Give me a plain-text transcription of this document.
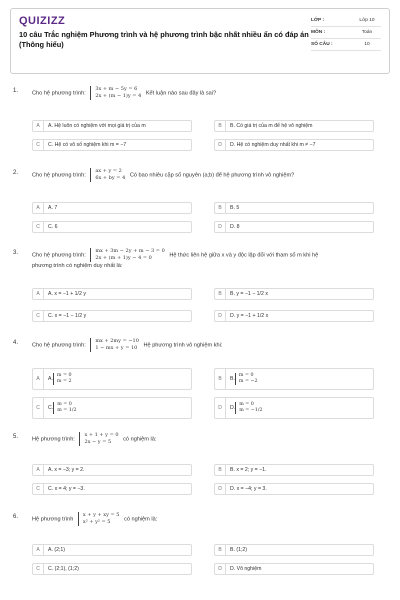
QUIZIZZ
10 câu Trắc nghiệm Phương trình và hệ phương trình bậc nhất nhiều ẩn có đáp án (Thông hiểu)
LỚP :	Lớp 10
MÔN :	Toán
SỐ CÂU :	10
1. Cho hệ phương trình: 3x + m − 5y = 6
2x + (m − 1)y = 4 Kết luận nào sau đây là sai?
A	A. Hệ luôn có nghiệm với mọi giá trị của m	B	B. Có giá trị của m để hệ vô nghiệm
C	C. Hệ có vô số nghiệm khi m = −7	D	D. Hệ có nghiệm duy nhất khi m ≠ −7
2. Cho hệ phương trình: ax + y = 2
6x + by = 4 Có bao nhiêu cặp số nguyên (a;b) để hệ phương trình vô nghiệm?
A	A. 7	B	B. 5
C	C. 6	D	D. 8
3. Cho hệ phương trình: mx + 3m − 2y + m − 3 = 0
2x + (m + 1)y − 4 = 0	Hệ thức liên hệ giữa x và y độc lập đối với tham số m khi hệ
phương trình có nghiệm duy nhất là:
A	A. x = −1 + 1/2 y	B	B. y = −1 − 1/2 x
C	C. x = −1 − 1/2 y	D	D. y = −1 + 1/2 x
4. Cho hệ phương trình: mx + 2my = −10
1 − mx + y = 10 Hệ phương trình vô nghiệm khi:
A	A.
m = 0
m = 2	B	B.
m = 0
m = −2
C	C.
m = 0
m = 1/2	D	D.
m = 0
m = −1/2
5. Hệ phương trình: x + 1 + y = 0
2x − y = 5 có nghiệm là:
A	A. x = −3; y = 2.	B	B. x = 2; y = −1.
C	C. x = 4; y = −3.	D	D. x = −4; y = 3.
6. Hệ phương trình x + y + xy = 5
x² + y² = 5 có nghiệm là:
A	A. (2;1)	B	B. (1;2)
C	C. (2;1), (1;2)	D	D. Vô nghiệm
